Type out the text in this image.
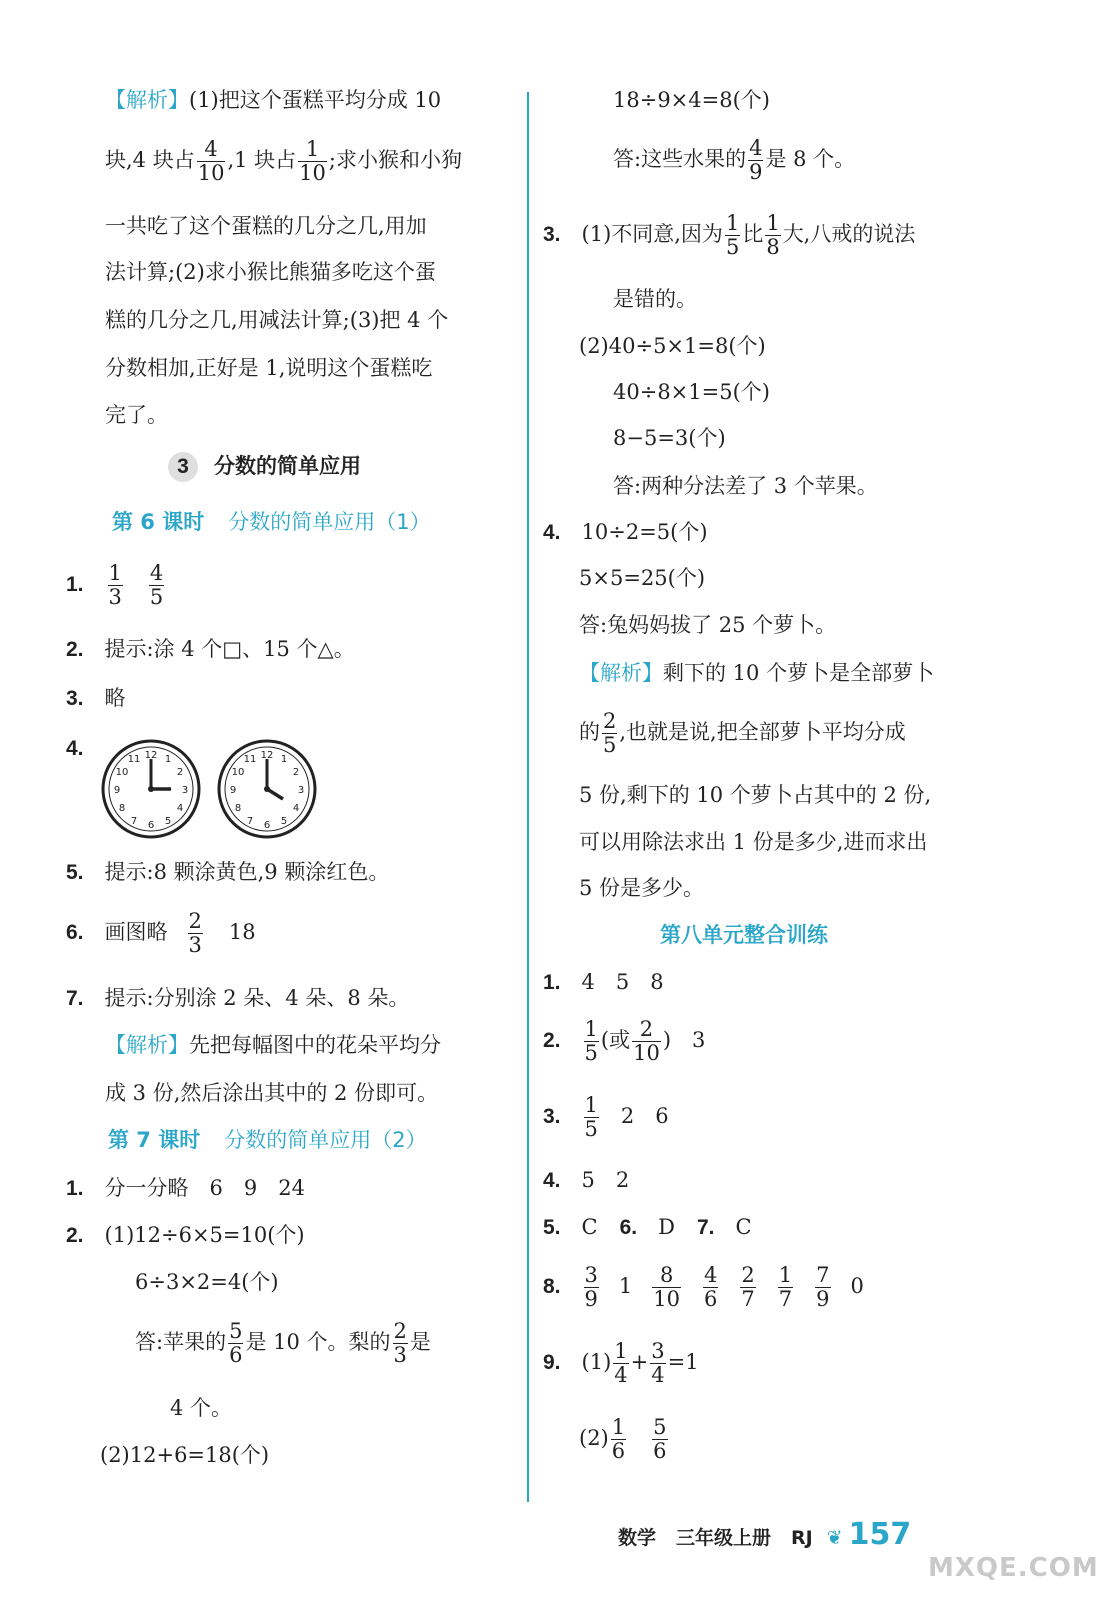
【解析】(1)把这个蛋糕平均分成 10
块,4 块占 $\frac{4}{10} ,1$ 块占 $\frac{1}{10}$ ;求小猴和小狗
一共吃了这个蛋糕的几分之几,用加
法计算;(2)求小猴比熊猫多吃这个蛋
糕的几分之几,用减法计算;(3)把 4 个
分数相加,正好是 1,说明这个蛋糕吃
完了。
3 分数的简单应用
第 6 课时 分数的简单应用（1）
1. $\frac{1}{3} \frac{4}{5}$
2.　 提示:涂 4 个□、15 个△。
3.　 略
4.	12 1
2
3
4
5
6
7
8
9
10
11	12 1
2
3
4
5
6
7
8
9
10
11
5.　 提示:8 颗涂黄色,9 颗涂红色。
6.　 画图略 $\frac{2}{3} 18$
7.　 提示:分别涂 2 朵、4 朵、8 朵。
【解析】先把每幅图中的花朵平均分
成 3 份,然后涂出其中的 2 份即可。
第 7 课时 分数的简单应用（2）
1.　 分一分略　6　9　24
2.　 (1)12÷6×5=10(个)
6÷3×2=4(个)
答:苹果的 $\frac{5}{6}$ 是 10 个。梨的 $\frac{2}{3}$ 是
4 个。
(2)12+6=18(个)
18÷9×4=8(个)
答:这些水果的 $\frac{4}{9}$ 是 8 个。
3.　 (1)不同意,因为 $\frac{1}{5}$ 比 $\frac{1}{8}$ 大,八戒的说法
是错的。
(2)40÷5×1=8(个)
40÷8×1=5(个)
8−5=3(个)
答:两种分法差了 3 个苹果。
4.　 10÷2=5(个)
5×5=25(个)
答:兔妈妈拔了 25 个萝卜。
【解析】剩下的 10 个萝卜是全部萝卜
的 $\frac{2}{5}$ ,也就是说,把全部萝卜平均分成
5 份,剩下的 10 个萝卜占其中的 2 份,
可以用除法求出 1 份是多少,进而求出
5 份是多少。
第八单元整合训练
1.　 4　5　8
2.　 $\frac{1}{5}$ (或 $\frac{2}{10}$ )　3
3.　 $\frac{1}{5} 2$　6
4.　 5　2
5.　 C 6.　 D 7.　 C
8.　 $\frac{3}{9} 1 \frac{8}{10} \frac{4}{6} \frac{2}{7} \frac{1}{7} \frac{7}{9} 0$
9.　 $(1) \frac{1}{4} + \frac{3}{4} =1$
$(2) \frac{1}{6} \frac{5}{6}$
数学 三年级上册 RJ ❦ 157
MXQE.COM
